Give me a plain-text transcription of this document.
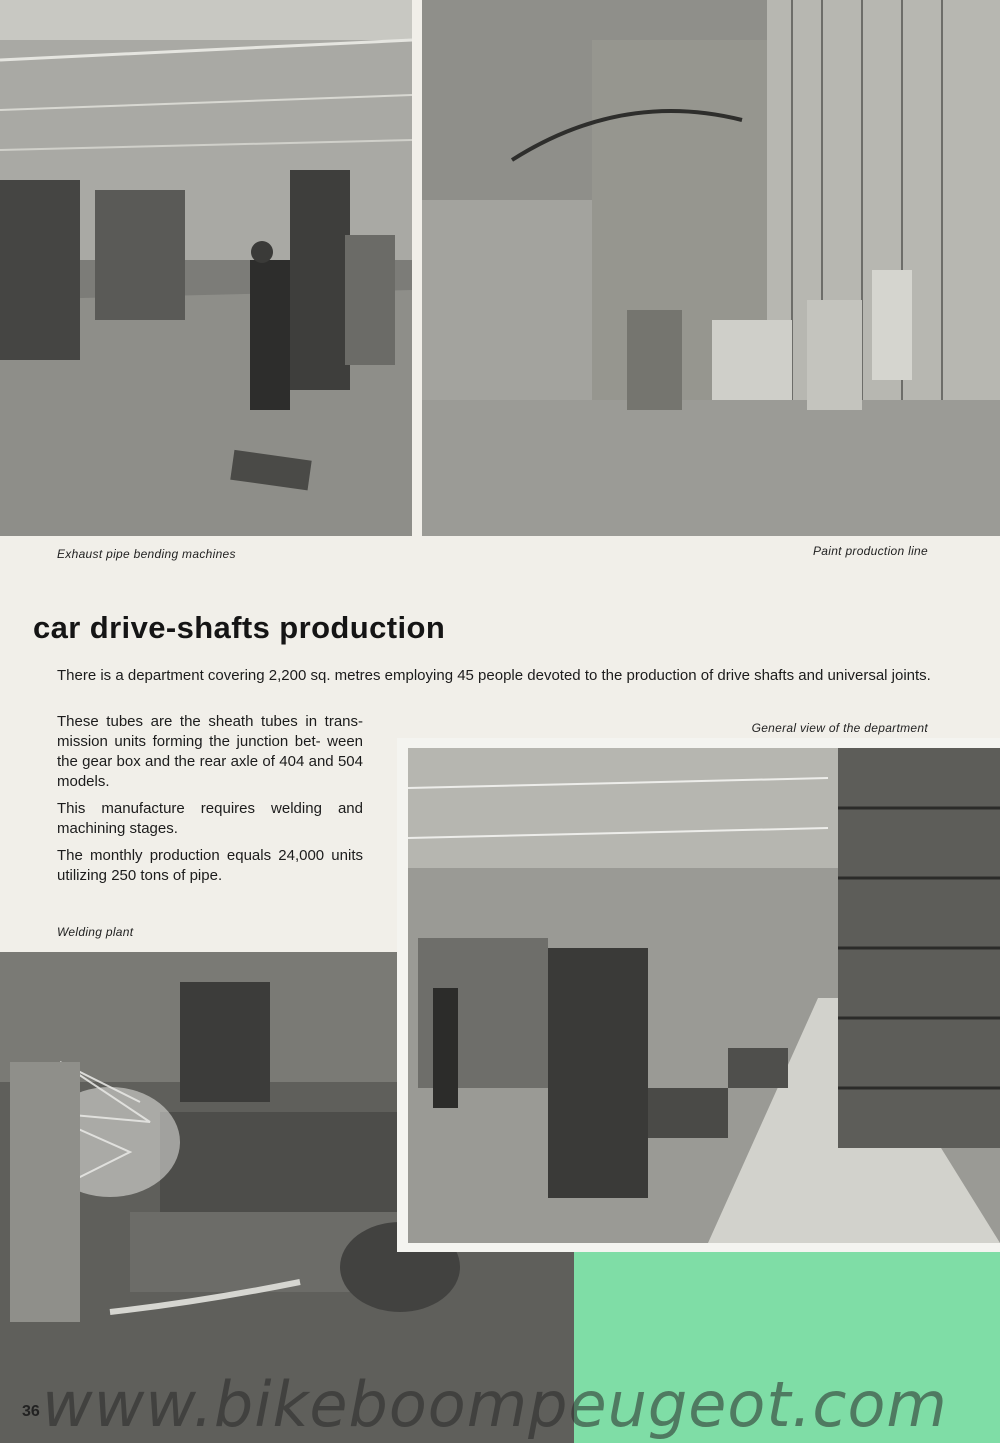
Exhaust pipe bending machines	Paint production line
car drive-shafts production

There is a department covering 2,200 sq. metres employing 45 people devoted to the production of drive shafts and universal joints.

These tubes are the sheath tubes in trans- mission units forming the junction bet- ween the gear box and the rear axle of 404 and 504 models.

This manufacture requires welding and machining stages.

The monthly production equals 24,000 units utilizing 250 tons of pipe.

General view of the department
Welding plant
36 www.bikeboompeugeot.com
